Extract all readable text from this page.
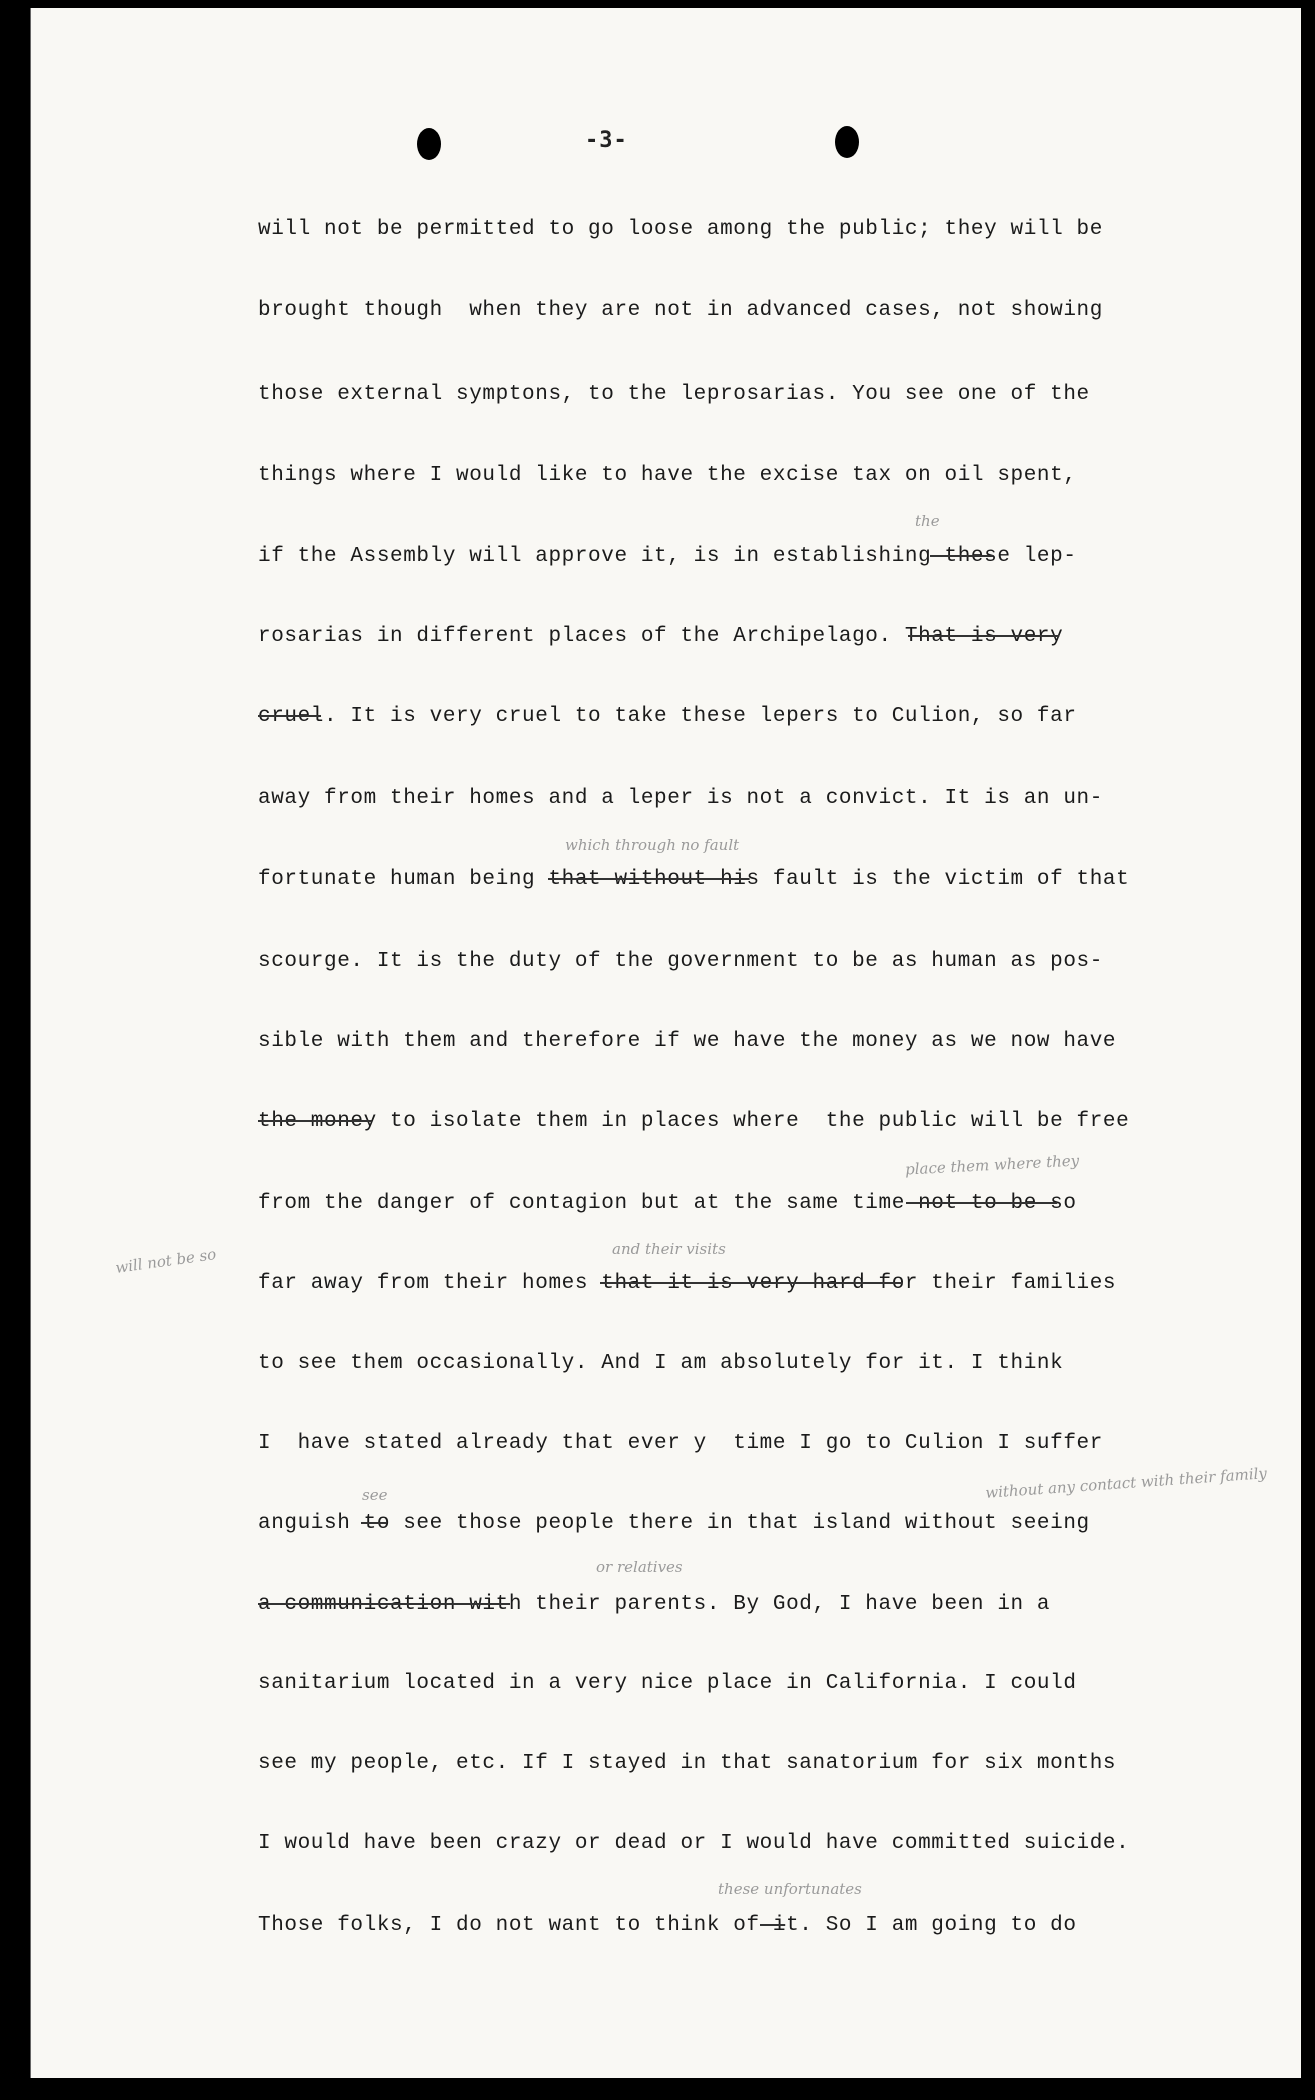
-3-
will not be permitted to go loose among the public; they will be
brought though  when they are not in advanced cases, not showing
those external symptons, to the leprosarias. You see one of the
things where I would like to have the excise tax on oil spent,
if the Assembly will approve it, is in establishing these lep-
rosarias in different places of the Archipelago. That is very
cruel. It is very cruel to take these lepers to Culion, so far
away from their homes and a leper is not a convict. It is an un-
fortunate human being that without his fault is the victim of that
scourge. It is the duty of the government to be as human as pos-
sible with them and therefore if we have the money as we now have
the money to isolate them in places where  the public will be free
from the danger of contagion but at the same time not to be so
far away from their homes that it is very hard for their families
to see them occasionally. And I am absolutely for it. I think
I  have stated already that ever y  time I go to Culion I suffer
anguish to see those people there in that island without seeing
a communication with their parents. By God, I have been in a
sanitarium located in a very nice place in California. I could
see my people, etc. If I stayed in that sanatorium for six months
I would have been crazy or dead or I would have committed suicide.
Those folks, I do not want to think of it. So I am going to do
the
which through no fault
place them where they
will not be so	and their visits
see	without any contact with their family
or relatives
these unfortunates
